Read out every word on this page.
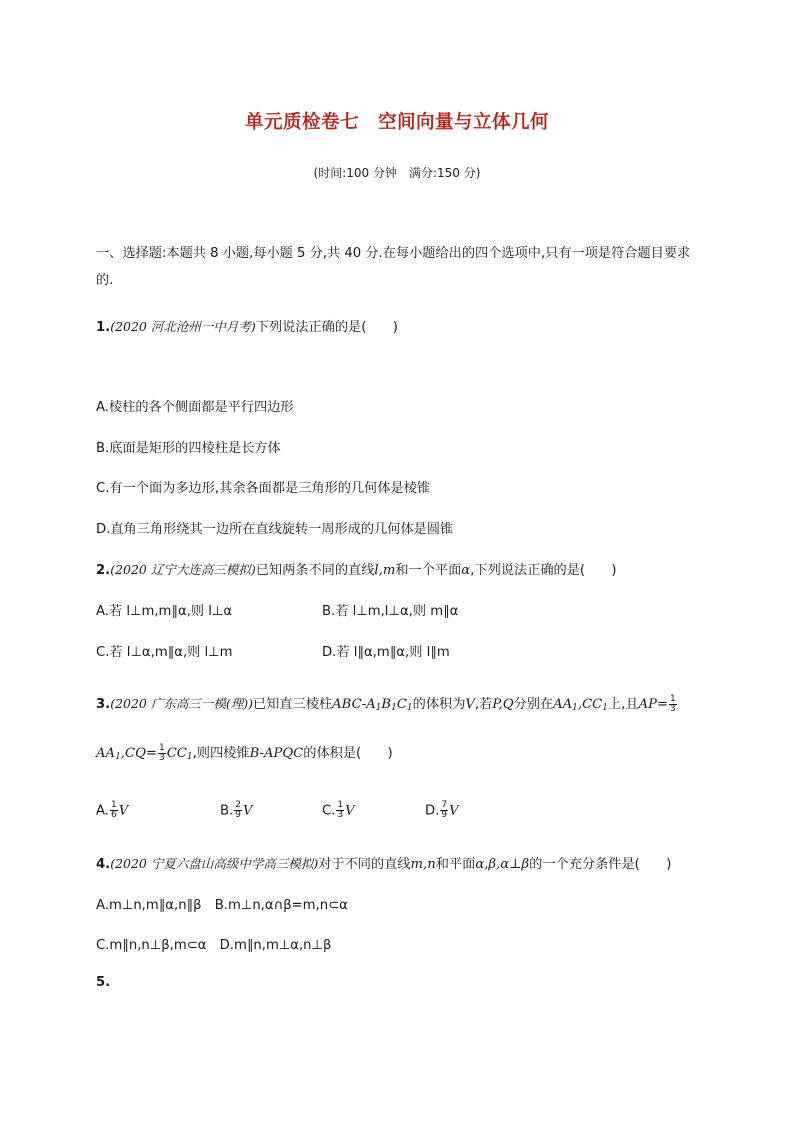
单元质检卷七　空间向量与立体几何
(时间:100 分钟　满分:150 分)
一、选择题:本题共 8 小题,每小题 5 分,共 40 分.在每小题给出的四个选项中,只有一项是符合题目要求的.
1.(2020 河北沧州一中月考)下列说法正确的是(　　)
A.棱柱的各个侧面都是平行四边形
B.底面是矩形的四棱柱是长方体
C.有一个面为多边形,其余各面都是三角形的几何体是棱锥
D.直角三角形绕其一边所在直线旋转一周形成的几何体是圆锥
2.(2020 辽宁大连高三模拟)已知两条不同的直线l,m和一个平面α,下列说法正确的是(　　)
A.若 l⊥m,m∥α,则 l⊥α	B.若 l⊥m,l⊥α,则 m∥α
C.若 l⊥α,m∥α,则 l⊥m	D.若 l∥α,m∥α,则 l∥m
3.(2020 广东高三一模(理))已知直三棱柱ABC-$A_1B_1C_1$的体积为V,若P,Q分别在$AA_1,CC_1$上,且$AP= \frac{1}{3}$
$AA_1,CQ= \frac{1}{3} CC_1$,则四棱锥B-APQC的体积是(　　)
A. $\frac{1}{6}$ V	B. $\frac{2}{9}$ V	C. $\frac{1}{3}$ V	D. $\frac{7}{9}$ V
4.(2020 宁夏六盘山高级中学高三模拟)对于不同的直线m,n和平面α,β,α⊥β的一个充分条件是(　　)
A.m⊥n,m∥α,n∥β　B.m⊥n,α∩β=m,n⊂α
C.m∥n,n⊥β,m⊂α　D.m∥n,m⊥α,n⊥β
5.
